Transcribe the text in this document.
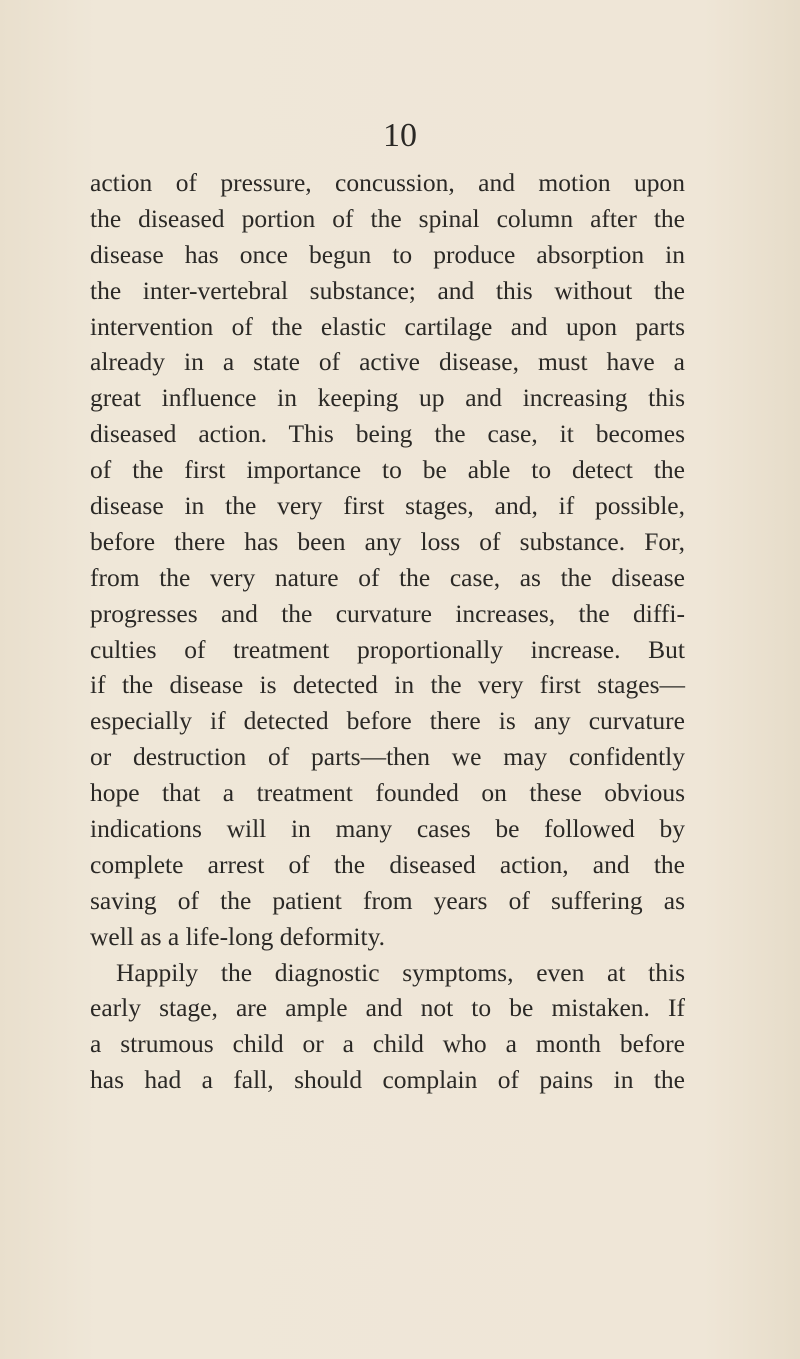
10
action of pressure, concussion, and motion upon
the diseased portion of the spinal column after the
disease has once begun to produce absorption in
the inter-vertebral substance; and this without the
intervention of the elastic cartilage and upon parts
already in a state of active disease, must have a
great influence in keeping up and increasing this
diseased action. This being the case, it becomes
of the first importance to be able to detect the
disease in the very first stages, and, if possible,
before there has been any loss of substance. For,
from the very nature of the case, as the disease
progresses and the curvature increases, the diffi-
culties of treatment proportionally increase. But
if the disease is detected in the very first stages—
especially if detected before there is any curvature
or destruction of parts—then we may confidently
hope that a treatment founded on these obvious
indications will in many cases be followed by
complete arrest of the diseased action, and the
saving of the patient from years of suffering as
well as a life-long deformity.
Happily the diagnostic symptoms, even at this
early stage, are ample and not to be mistaken. If
a strumous child or a child who a month before
has had a fall, should complain of pains in the
